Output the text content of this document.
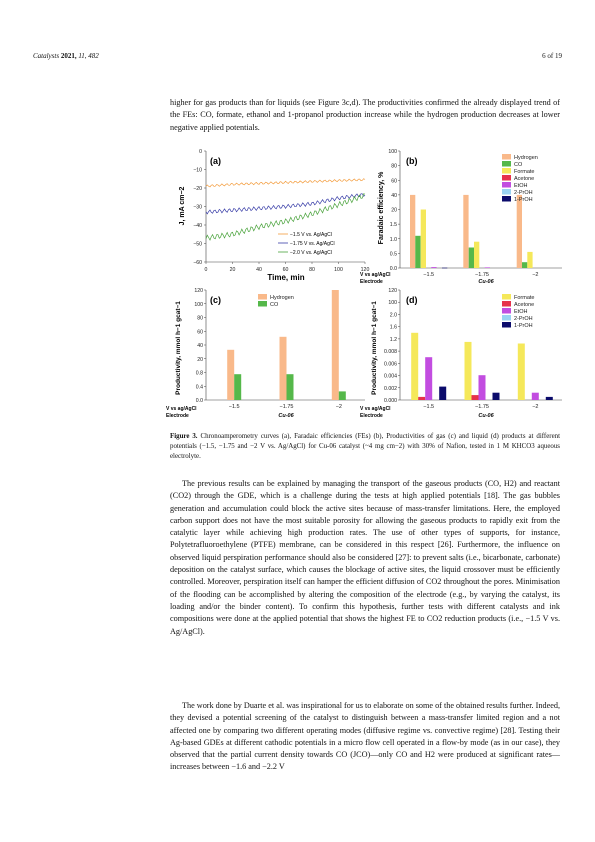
Catalysts 2021, 11, 482	6 of 19

higher for gas products than for liquids (see Figure 3c,d). The productivities confirmed the already displayed trend of the FEs: CO, formate, ethanol and 1-propanol production increase while the hydrogen production decreases at lower negative applied potentials.

0
−10
−20
−30
−40
−50
−60
0	20	40	60	80	100	120
(a)
J, mA cm−2
Time, min
−1.5 V vs. Ag/AgCl
−1.75 V vs. Ag/AgCl
−2.0 V vs. Ag/AgCl
100
80
60
40
20
1.5
1.0
0.5
0.0
(b)
Faradaic efficiency, %
V vs ag/AgCl
Electrode
−1.5	−1.75	−2
Cu-06
Hydrogen
CO
Formate
Acetone
EtOH
2-PrOH
1-PrOH
120
100
80
60
40
20
0.8
0.4
0.0
(c)
Productivity, mmol h−1 gcat−1
V vs ag/AgCl
Electrode
−1.5	−1.75	−2
Cu-06
Hydrogen
CO
120
100
2.0
1.6
1.2
0.008
0.006
0.004
0.002
0.000
(d)
Productivity, mmol h−1 gcat−1
V vs ag/AgCl
Electrode
−1.5	−1.75	−2
Cu-06
Formate
Acetone
EtOH
2-PrOH
1-PrOH

Figure 3. Chronoamperometry curves (a), Faradaic efficiencies (FEs) (b), Productivities of gas (c) and liquid (d) products at different potentials (−1.5, −1.75 and −2 V vs. Ag/AgCl) for Cu-06 catalyst (~4 mg cm−2) with 30% of Nafion, tested in 1 M KHCO3 aqueous electrolyte.

The previous results can be explained by managing the transport of the gaseous products (CO, H2) and reactant (CO2) through the GDE, which is a challenge during the tests at high applied potentials [18]. The gas bubbles generation and accumulation could block the active sites because of mass-transfer limitations. Here, the employed carbon support does not have the most suitable porosity for allowing the gaseous products to rapidly exit from the catalytic layer while achieving high production rates. The use of other types of supports, for instance, Polytetrafluoroethylene (PTFE) membrane, can be considered in this respect [26]. Furthermore, the influence on observed liquid perspiration performance should also be considered [27]: to prevent salts (i.e., bicarbonate, carbonate) deposition on the catalyst surface, which causes the blockage of active sites, the liquid crossover must be efficiently controlled. Moreover, perspiration itself can hamper the efficient diffusion of CO2 throughout the pores. Minimisation of the flooding can be accomplished by altering the composition of the electrode (e.g., by varying the catalyst, its loading and/or the binder content). To confirm this hypothesis, further tests with different catalysts and ink compositions were done at the applied potential that shows the highest FE to CO2 reduction products (i.e., −1.5 V vs. Ag/AgCl).

The work done by Duarte et al. was inspirational for us to elaborate on some of the obtained results further. Indeed, they devised a potential screening of the catalyst to distinguish between a mass-transfer limited region and a not affected one by comparing two different operating modes (diffusive regime vs. convective regime) [28]. Testing their Ag-based GDEs at different cathodic potentials in a micro flow cell operated in a flow-by mode (as in our case), they observed that the partial current density towards CO (JCO)—only CO and H2 were produced at significant rates—increases between −1.6 and −2.2 V
